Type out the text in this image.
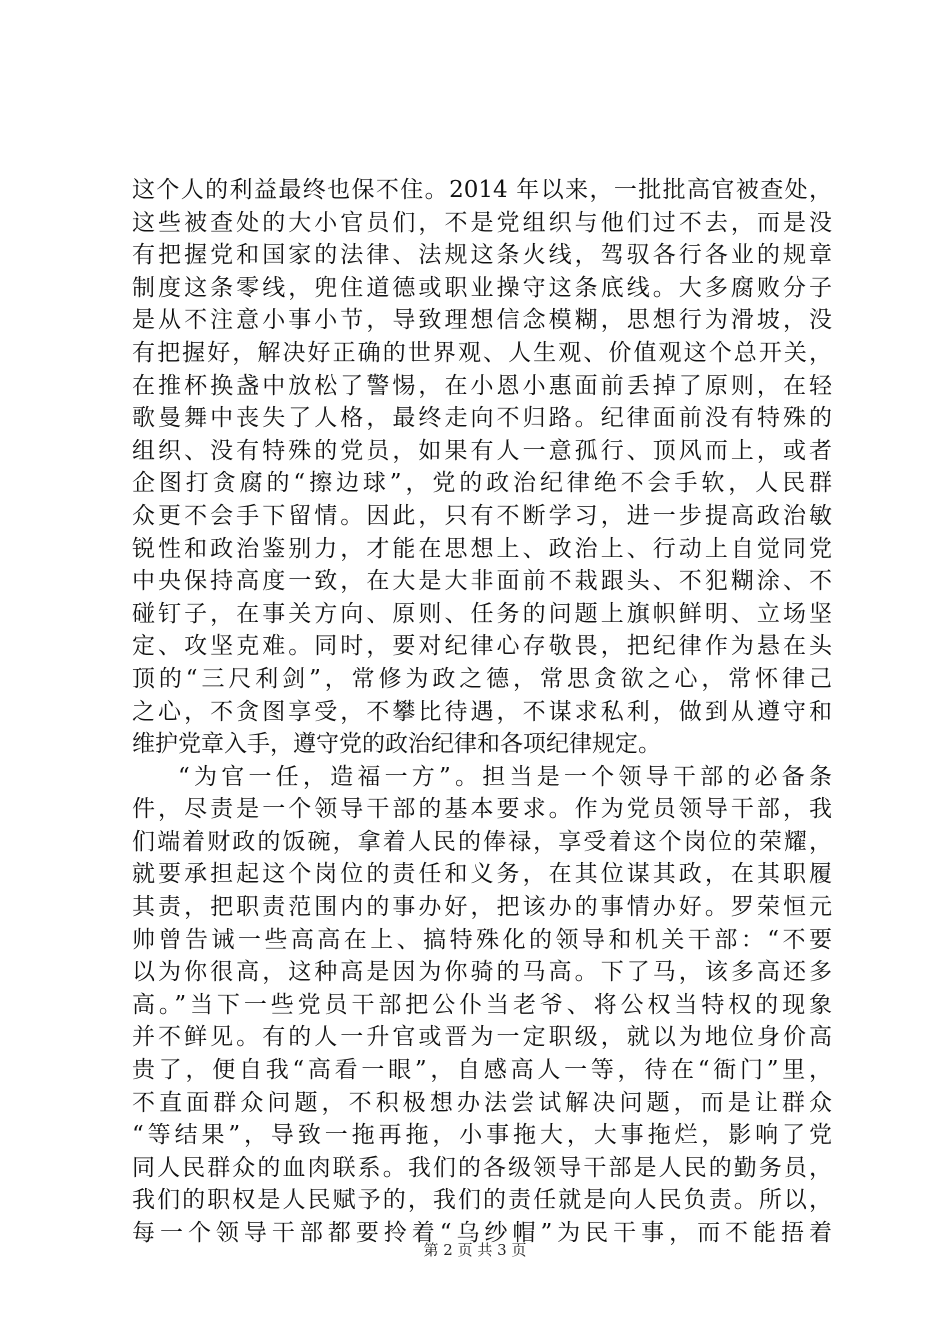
这个人的利益最终也保不住。2014 年以来，一批批高官被查处，
这些被查处的大小官员们，不是党组织与他们过不去，而是没
有把握党和国家的法律、法规这条火线，驾驭各行各业的规章
制度这条零线，兜住道德或职业操守这条底线。大多腐败分子
是从不注意小事小节，导致理想信念模糊，思想行为滑坡，没
有把握好，解决好正确的世界观、人生观、价值观这个总开关，
在推杯换盏中放松了警惕，在小恩小惠面前丢掉了原则，在轻
歌曼舞中丧失了人格，最终走向不归路。纪律面前没有特殊的
组织、没有特殊的党员，如果有人一意孤行、顶风而上，或者
企图打贪腐的“擦边球”，党的政治纪律绝不会手软，人民群
众更不会手下留情。因此，只有不断学习，进一步提高政治敏
锐性和政治鉴别力，才能在思想上、政治上、行动上自觉同党
中央保持高度一致，在大是大非面前不栽跟头、不犯糊涂、不
碰钉子，在事关方向、原则、任务的问题上旗帜鲜明、立场坚
定、攻坚克难。同时，要对纪律心存敬畏，把纪律作为悬在头
顶的“三尺利剑”，常修为政之德，常思贪欲之心，常怀律己
之心，不贪图享受，不攀比待遇，不谋求私利，做到从遵守和
维护党章入手，遵守党的政治纪律和各项纪律规定。
“为官一任，造福一方”。担当是一个领导干部的必备条
件，尽责是一个领导干部的基本要求。作为党员领导干部，我
们端着财政的饭碗，拿着人民的俸禄，享受着这个岗位的荣耀，
就要承担起这个岗位的责任和义务，在其位谋其政，在其职履
其责，把职责范围内的事办好，把该办的事情办好。罗荣恒元
帅曾告诫一些高高在上、搞特殊化的领导和机关干部：“不要
以为你很高，这种高是因为你骑的马高。下了马，该多高还多
高。”当下一些党员干部把公仆当老爷、将公权当特权的现象
并不鲜见。有的人一升官或晋为一定职级，就以为地位身价高
贵了，便自我“高看一眼”，自感高人一等，待在“衙门”里，
不直面群众问题，不积极想办法尝试解决问题，而是让群众
“等结果”，导致一拖再拖，小事拖大，大事拖烂，影响了党
同人民群众的血肉联系。我们的各级领导干部是人民的勤务员，
我们的职权是人民赋予的，我们的责任就是向人民负责。所以，
每一个领导干部都要拎着“乌纱帽”为民干事，而不能捂着
第 2 页 共 3 页
